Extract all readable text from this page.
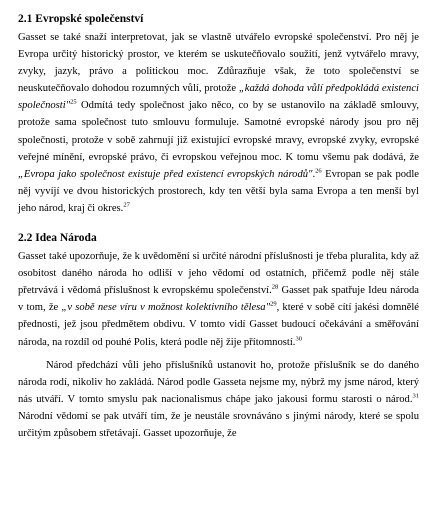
2.1 Evropské společenství

Gasset se také snaží interpretovat, jak se vlastně utvářelo evropské společenství. Pro něj je Evropa určitý historický prostor, ve kterém se uskutečňovalo soužití, jenž vytvářelo mravy, zvyky, jazyk, právo a politickou moc. Zdůrazňuje však, že toto společenství se neuskutečňovalo dohodou rozumných vůlí, protože „každá dohoda vůlí předpokládá existenci společnosti"$^{25}$ Odmítá tedy společnost jako něco, co by se ustanovilo na základě smlouvy, protože sama společnost tuto smlouvu formuluje. Samotné evropské národy jsou pro něj společnosti, protože v sobě zahrnují již existující evropské mravy, evropské zvyky, evropské veřejné mínění, evropské právo, či evropskou veřejnou moc. K tomu všemu pak dodává, že „Evropa jako společnost existuje před existencí evropských národů".$^{26}$ Evropan se pak podle něj vyvíjí ve dvou historických prostorech, kdy ten větší byla sama Evropa a ten menší byl jeho národ, kraj či okres.$^{27}$

2.2 Idea Národa

Gasset také upozorňuje, že k uvědomění si určité národní příslušnosti je třeba pluralita, kdy až osobitost daného národa ho odliší v jeho vědomí od ostatních, přičemž podle něj stále přetrvává i vědomá příslušnost k evropskému společenství.$^{28}$ Gasset pak spatřuje Ideu národa v tom, že „v sobě nese víru v možnost kolektivního tělesa"$^{29}$, které v sobě cítí jakési domnělé přednosti, jež jsou předmětem obdivu. V tomto vidí Gasset budoucí očekávání a směřování národa, na rozdíl od pouhé Polis, která podle něj žije přítomností.$^{30}$

Národ předchází vůli jeho příslušníků ustanovit ho, protože příslušník se do daného národa rodí, nikoliv ho zakládá. Národ podle Gasseta nejsme my, nýbrž my jsme národ, který nás utváří. V tomto smyslu pak nacionalismus chápe jako jakousi formu starosti o národ.$^{31}$ Národní vědomí se pak utváří tím, že je neustále srovnáváno s jinými národy, které se spolu určitým způsobem střetávají. Gasset upozorňuje, že
